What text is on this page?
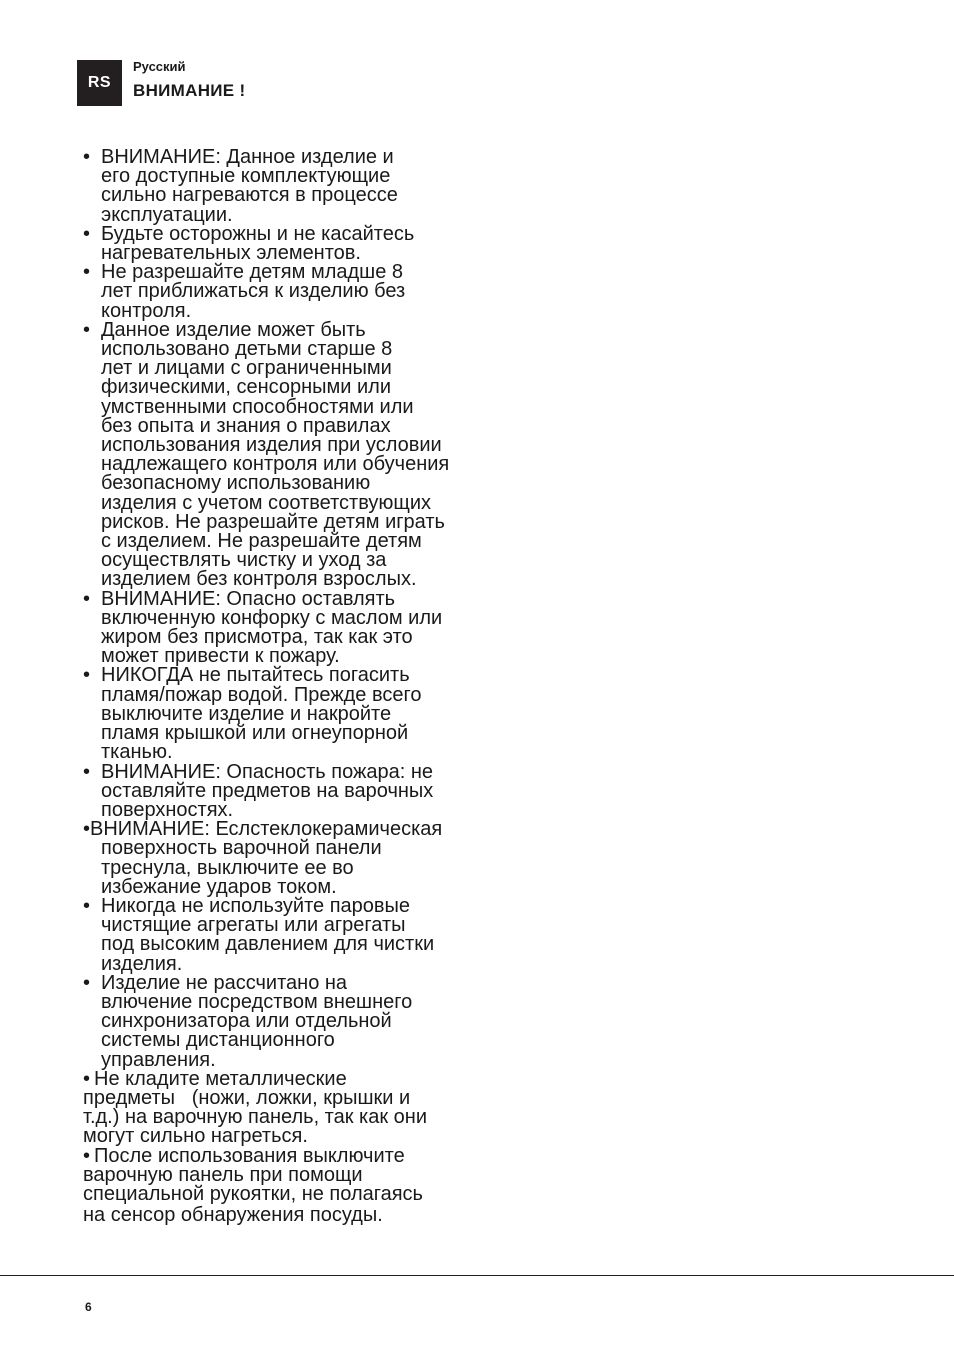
RS
Русский
ВНИМАНИЕ !
• ВНИМАНИЕ: Данное изделие и
его доступные комплектующие
сильно нагреваются в процессе
эксплуатации.
• Будьте осторожны и не касайтесь
нагревательных элементов.
• Не разрешайте детям младше 8
лет приближаться к изделию без
контроля.
• Данное изделие может быть
использовано детьми старше 8
лет и лицами с ограниченными
физическими, сенсорными или
умственными способностями или
без опыта и знания о правилах
использования изделия при условии
надлежащего контроля или обучения
безопасному использованию
изделия с учетом соответствующих
рисков. Не разрешайте детям играть
с изделием. Не разрешайте детям
осуществлять чистку и уход за
изделием без контроля взрослых.
• ВНИМАНИЕ: Опасно оставлять
включенную конфорку с маслом или
жиром без присмотра, так как это
может привести к пожару.
• НИКОГДА не пытайтесь погасить
пламя/пожар водой. Прежде всего
выключите изделие и накройте
пламя крышкой или огнеупорной
тканью.
• ВНИМАНИЕ: Опасность пожара: не
оставляйте предметов на варочных
поверхностях.
•ВНИМАНИЕ: Еслстеклокерамическая
поверхность варочной панели
треснула, выключите ее во
избежание ударов током.
• Никогда не используйте паровые
чистящие агрегаты или агрегаты
под высоким давлением для чистки
изделия.
• Изделие не рассчитано на
влючение посредством внешнего
синхронизатора или отдельной
системы дистанционного
управления.
• Не кладите металлические
предметы   (ножи, ложки, крышки и
т.д.) на варочную панель, так как они
могут сильно нагреться.
• После использования выключите
варочную панель при помощи
специальной рукоятки, не полагаясь
на сенсор обнаружения посуды.
6
